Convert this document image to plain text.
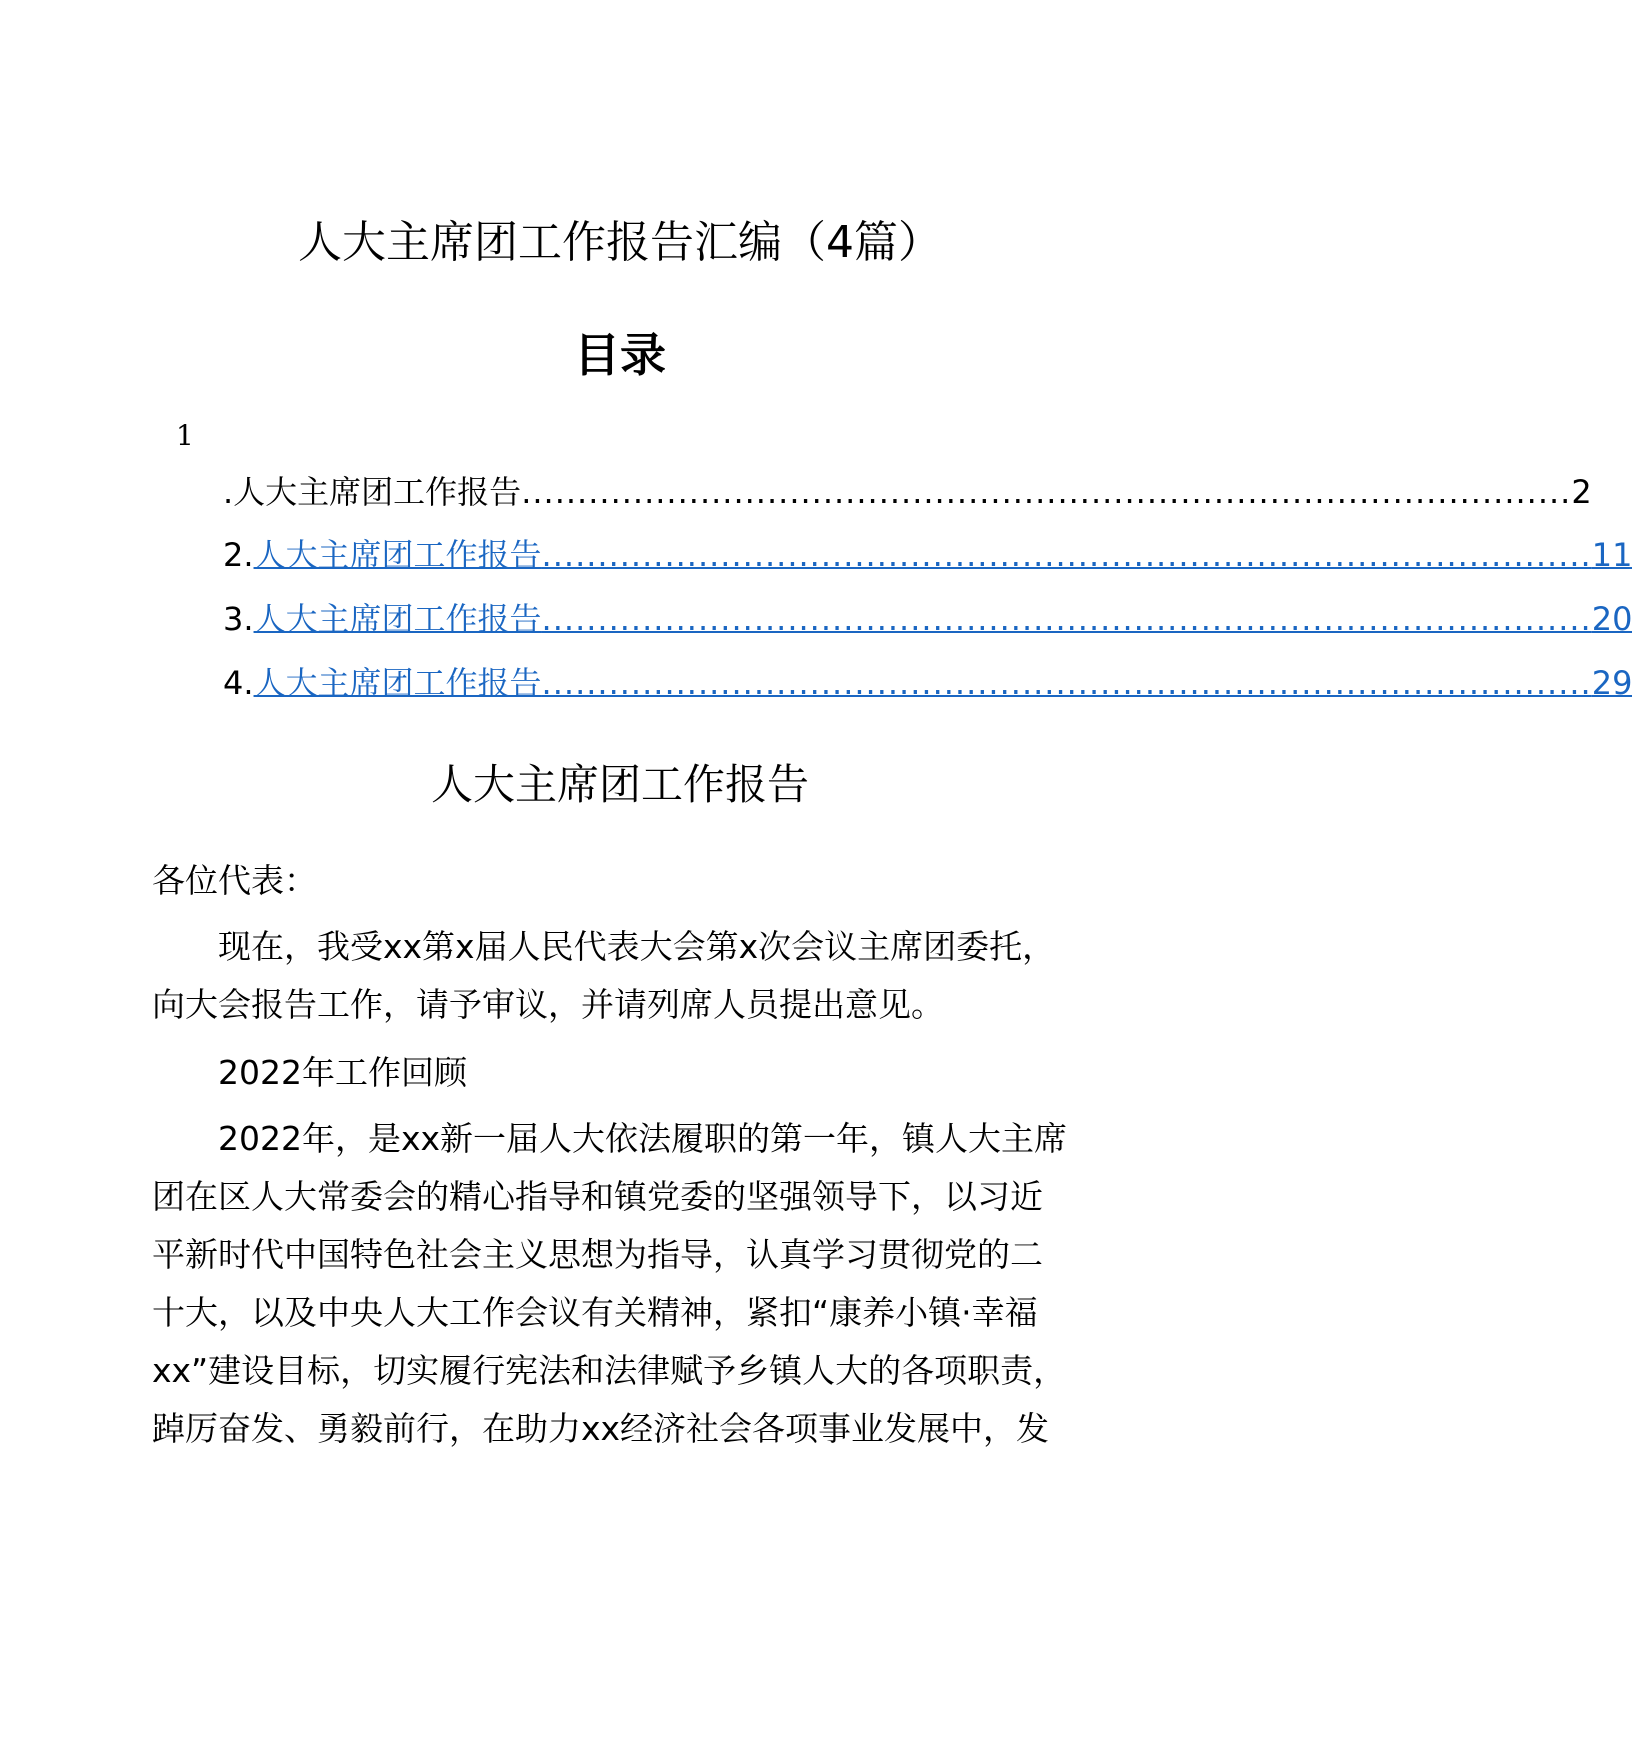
人大主席团工作报告汇编（4篇）
目录
1
.人大主席团工作报告 .............................................................................................. 2
2. 人大主席团工作报告 .............................................................................................. 11
3. 人大主席团工作报告 .............................................................................................. 20
4. 人大主席团工作报告 .............................................................................................. 29
人大主席团工作报告
各位代表：
现在，我受xx第x届人民代表大会第x次会议主席团委托，
向大会报告工作，请予审议，并请列席人员提出意见。
2022年工作回顾
2022年，是xx新一届人大依法履职的第一年，镇人大主席
团在区人大常委会的精心指导和镇党委的坚强领导下，以习近
平新时代中国特色社会主义思想为指导，认真学习贯彻党的二
十大，以及中央人大工作会议有关精神，紧扣“康养小镇·幸福
xx”建设目标，切实履行宪法和法律赋予乡镇人大的各项职责，
踔厉奋发、勇毅前行，在助力xx经济社会各项事业发展中，发
